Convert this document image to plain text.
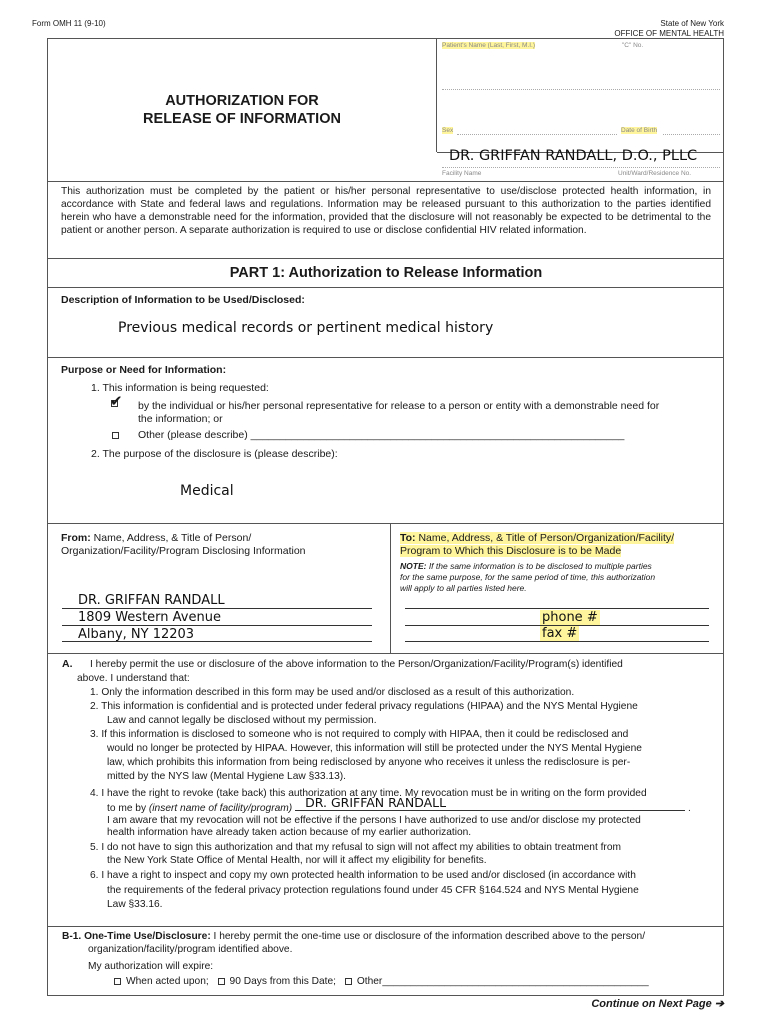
Form OMH 11 (9-10)	State of New York
OFFICE OF MENTAL HEALTH
AUTHORIZATION FOR
RELEASE OF INFORMATION
Patient's Name (Last, First, M.I.)	"C" No.
Sex	Date of Birth
DR. GRIFFAN RANDALL, D.O., PLLC
Facility Name	Unit/Ward/Residence No.
This authorization must be completed by the patient or his/her personal representative to use/disclose protected health information, in accordance with State and federal laws and regulations. Information may be released pursuant to this authorization to the parties identified herein who have a demonstrable need for the information, provided that the disclosure will not reasonably be expected to be detrimental to the patient or another person. A separate authorization is required to use or disclose confidential HIV related information.
PART 1: Authorization to Release Information
Description of Information to be Used/Disclosed:
Previous medical records or pertinent medical history
Purpose or Need for Information:
1. This information is being requested:
✔ by the individual or his/her personal representative for release to a person or entity with a demonstrable need for
the information; or
Other (please describe) ________________________________________________________________
2. The purpose of the disclosure is (please describe):
Medical
From: Name, Address, & Title of Person/
Organization/Facility/Program Disclosing Information
To: Name, Address, & Title of Person/Organization/Facility/
Program to Which this Disclosure is to be Made
NOTE: If the same information is to be disclosed to multiple parties
for the same purpose, for the same period of time, this authorization
will apply to all parties listed here.
DR. GRIFFAN RANDALL
1809 Western Avenue
Albany, NY 12203
phone #
fax #
A. I hereby permit the use or disclosure of the above information to the Person/Organization/Facility/Program(s) identified

above. I understand that:

1. Only the information described in this form may be used and/or disclosed as a result of this authorization.

2. This information is confidential and is protected under federal privacy regulations (HIPAA) and the NYS Mental Hygiene

Law and cannot legally be disclosed without my permission.

3. If this information is disclosed to someone who is not required to comply with HIPAA, then it could be redisclosed and

would no longer be protected by HIPAA. However, this information will still be protected under the NYS Mental Hygiene

law, which prohibits this information from being redisclosed by anyone who receives it unless the redisclosure is per-

mitted by the NYS law (Mental Hygiene Law §33.13).

4. I have the right to revoke (take back) this authorization at any time. My revocation must be in writing on the form provided

to me by (insert name of facility/program) DR. GRIFFAN RANDALL	.

I am aware that my revocation will not be effective if the persons I have authorized to use and/or disclose my protected

health information have already taken action because of my earlier authorization.

5. I do not have to sign this authorization and that my refusal to sign will not affect my abilities to obtain treatment from

the New York State Office of Mental Health, nor will it affect my eligibility for benefits.

6. I have a right to inspect and copy my own protected health information to be used and/or disclosed (in accordance with

the requirements of the federal privacy protection regulations found under 45 CFR §164.524 and NYS Mental Hygiene

Law §33.16.

B-1. One-Time Use/Disclosure: I hereby permit the one-time use or disclosure of the information described above to the person/
organization/facility/program identified above.
My authorization will expire:
When acted upon; 90 Days from this Date; Other_______________________________________________
Continue on Next Page ➔
